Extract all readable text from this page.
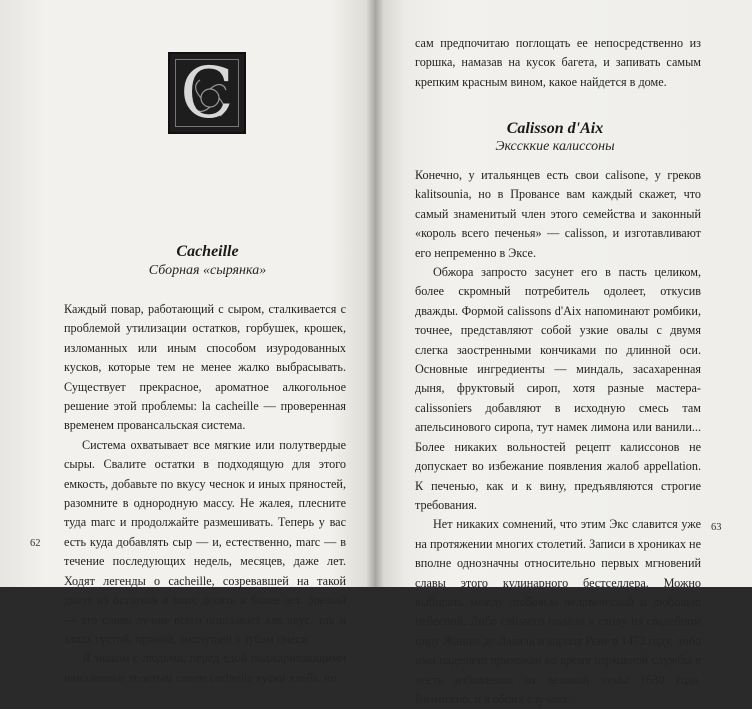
C
Cacheille
Сборная «сырянка»

Каждый повар, работающий с сыром, сталкивается с проблемой утилизации остатков, горбушек, крошек, изломанных или иным способом изуродованных кусков, которые тем не менее жалко выбрасывать. Существует прекрасное, ароматное алкогольное решение этой проблемы: la cacheille — проверенная временем провансальская система.

Система охватывает все мягкие или полутвердые сыры. Свалите остатки в подходящую для этого емкость, добавьте по вкусу чеснок и иных пряностей, разомните в однородную массу. Не жалея, плесните туда marc и продолжайте размешивать. Теперь у вас есть куда добавлять сыр — и, естественно, marc — в течение последующих недель, месяцев, даже лет. Ходят легенды о cacheille, созревавшей на такой диете из остатков и marc десять и более лет. Зрелый — это слово лучше всего описывает как вкус, так и запах густой, пряной, липнущей к зубам смеси.

Я знаком с людьми, перед едой поджаривающими намазанные толстым слоем cacheille куски хлеба, но

62

сам предпочитаю поглощать ее непосредственно из горшка, намазав на кусок багета, и запивать самым крепким красным вином, какое найдется в доме.

Calisson d'Aix
Экссккие калиссоны

Конечно, у итальянцев есть свои calisone, у греков kalitsounia, но в Провансе вам каждый скажет, что самый знаменитый член этого семейства и законный «король всего печенья» — calisson, и изготавливают его непременно в Эксе.

Обжора запросто засунет его в пасть целиком, более скромный потребитель одолеет, откусив дважды. Формой calissons d'Aix напоминают ромбики, точнее, представляют собой узкие овалы с двумя слегка заостренными кончиками по длинной оси. Основные ингредиенты — миндаль, засахаренная дыня, фруктовый сироп, хотя разные мастера-calissoniers добавляют в исходную смесь там апельсинового сиропа, тут намек лимона или ванили... Более никаких вольностей рецепт калиссонов не допускает во избежание появления жалоб appellation. К печенью, как и к вину, предъявляются строгие требования.

Нет никаких сомнений, что этим Экс славится уже на протяжении многих столетий. Записи в хрониках не вполне однозначны относительно первых мгновений славы этого кулинарного бестселлера. Можно выбирать между любовью человеческой и любовью небесной. Либо calissons подали к столу на свадебном пиру Жанны де Лаваль и короля Рене в 1473 году, либо ими наделяли прихожан во время церковной службы в честь избавления от великой чумы 1630 года. Возможно, и в обоих случаях.

63
